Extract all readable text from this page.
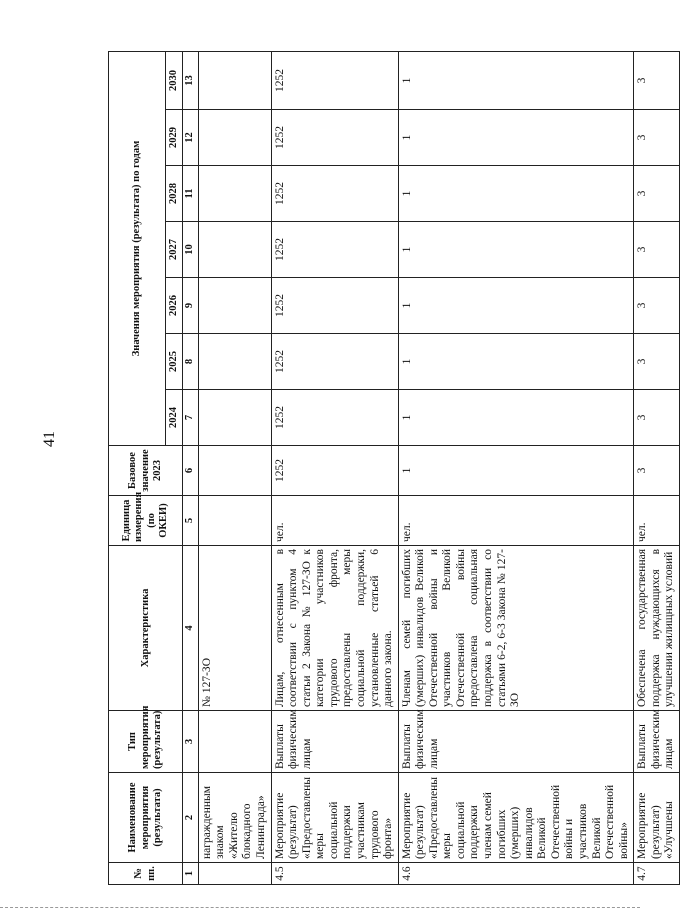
41
№ пп.	Наименование мероприятия (результата)	Тип мероприятия (результата)	Характеристика	Единица измерения (по ОКЕИ)	Базовое значение 2023	Значения мероприятия (результата) по годам						
						2024	2025	2026	2027	2028	2029	2030
1	2	3	4	5	6	7	8	9	10	11	12	13
	награжденным знаком «Жителю блокадного Ленинграда»		№ 127-ЗО									
4.5	Мероприятие (результат) «Предоставлены меры социальной поддержки участникам трудового фронта»	Выплаты физическим лицам	Лицам, отнесенным в соответствии с пунктом 4 статьи 2 Закона № 127-ЗО к категории участников трудового фронта, предоставлены меры социальной поддержки, установленные статьей 6 данного закона.	чел.	1252	1252	1252	1252	1252	1252	1252	1252
4.6	Мероприятие (результат) «Предоставлены меры социальной поддержки членам семей погибших (умерших) инвалидов Великой Отечественной войны и участников Великой Отечественной войны»	Выплаты физическим лицам	Членам семей погибших (умерших) инвалидов Великой Отечественной войны и участников Великой Отечественной войны предоставлена социальная поддержка в соответствии со статьями 6-2, 6-3 Закона № 127-ЗО	чел.	1	1	1	1	1	1	1	1
4.7	Мероприятие (результат) «Улучшены	Выплаты физическим лицам	Обеспечена государственная поддержка нуждающихся в улучшении жилищных условий	чел.	3	3	3	3	3	3	3	3
